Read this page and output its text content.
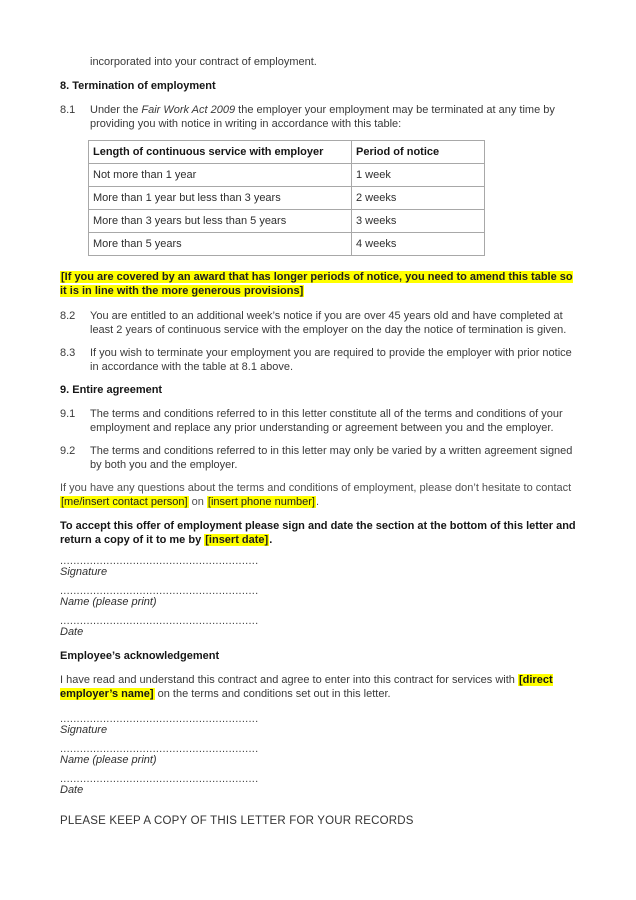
incorporated into your contract of employment.

8. Termination of employment
8.1	Under the Fair Work Act 2009 the employer your employment may be terminated at any time by providing you with notice in writing in accordance with this table:
Length of continuous service with employer	Period of notice
Not more than 1 year	1 week
More than 1 year but less than 3 years	2 weeks
More than 3 years but less than 5 years	3 weeks
More than 5 years	4 weeks

[If you are covered by an award that has longer periods of notice, you need to amend this table so it is in line with the more generous provisions]

8.2	You are entitled to an additional week’s notice if you are over 45 years old and have completed at least 2 years of continuous service with the employer on the day the notice of termination is given.
8.3	If you wish to terminate your employment you are required to provide the employer with prior notice in accordance with the table at 8.1 above.
9. Entire agreement
9.1	The terms and conditions referred to in this letter constitute all of the terms and conditions of your employment and replace any prior understanding or agreement between you and the employer.
9.2	The terms and conditions referred to in this letter may only be varied by a written agreement signed by both you and the employer.

If you have any questions about the terms and conditions of employment, please don’t hesitate to contact [me/insert contact person] on [insert phone number].

To accept this offer of employment please sign and date the section at the bottom of this letter and return a copy of it to me by [insert date].

............................................................
Signature
............................................................
Name (please print)
............................................................
Date
Employee’s acknowledgement

I have read and understand this contract and agree to enter into this contract for services with [direct employer’s name] on the terms and conditions set out in this letter.

............................................................
Signature
............................................................
Name (please print)
............................................................
Date

PLEASE KEEP A COPY OF THIS LETTER FOR YOUR RECORDS
